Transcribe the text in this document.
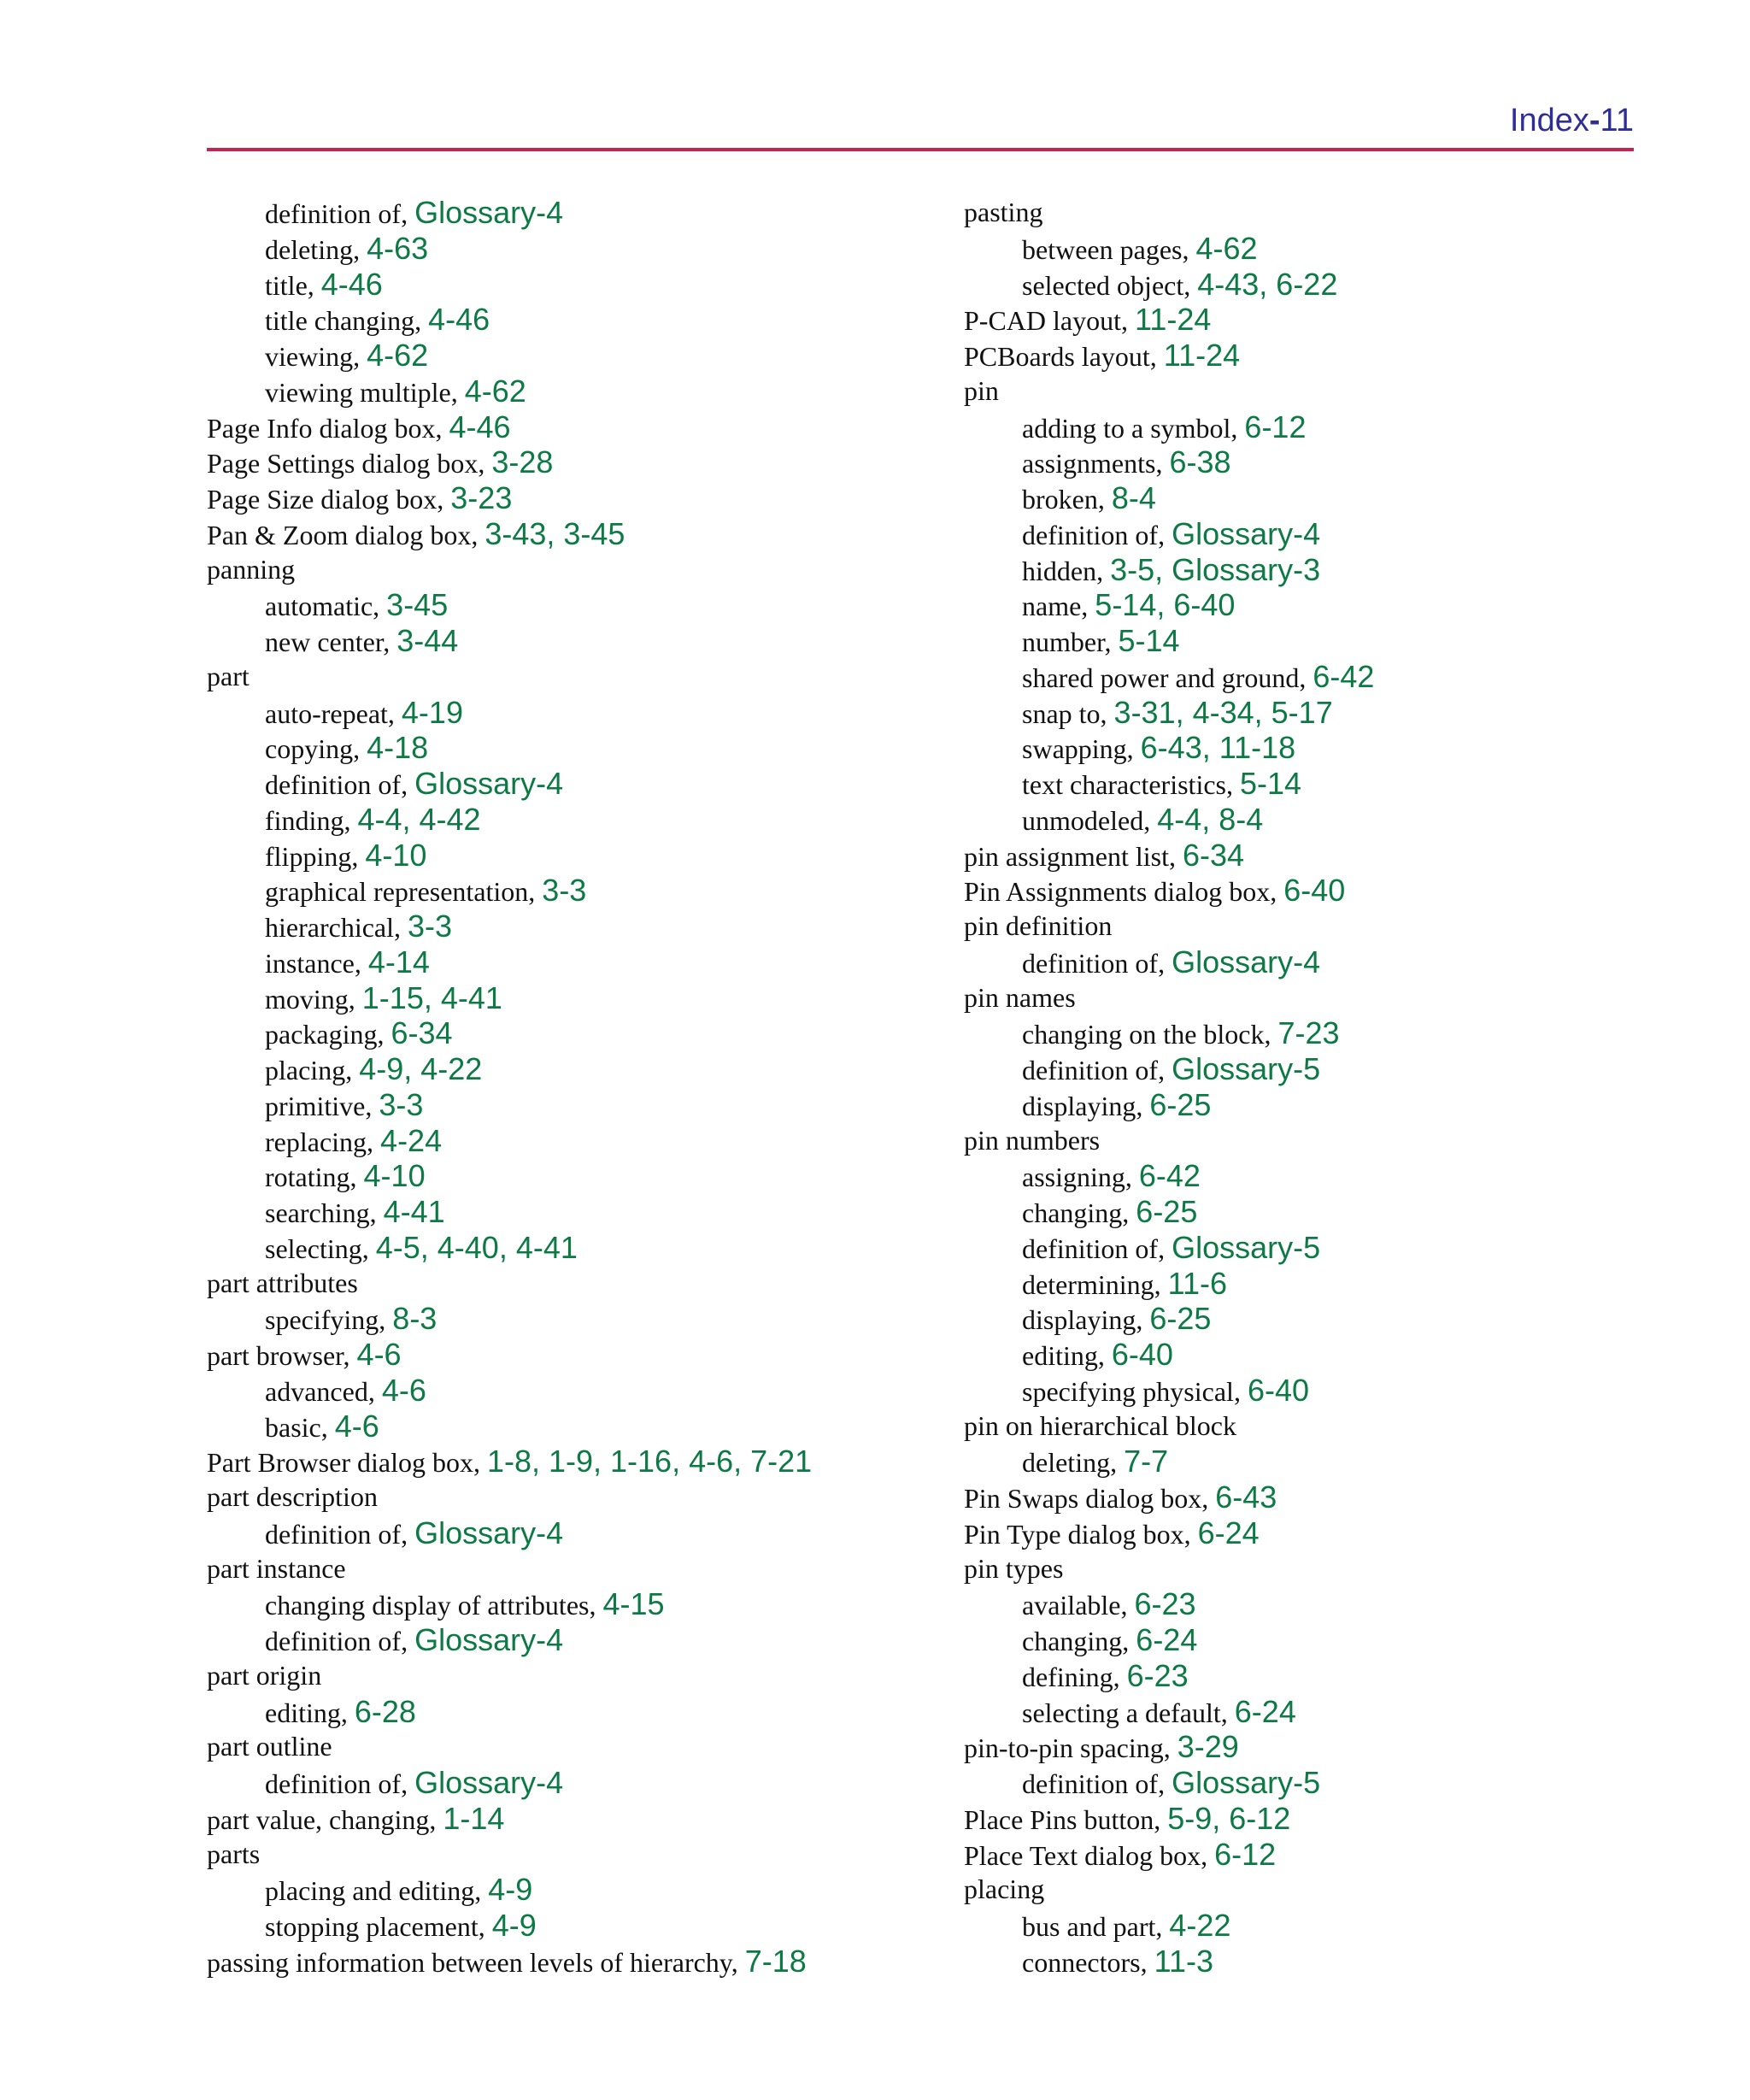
Index-11
definition of, Glossary-4
deleting, 4-63
title, 4-46
title changing, 4-46
viewing, 4-62
viewing multiple, 4-62
Page Info dialog box, 4-46
Page Settings dialog box, 3-28
Page Size dialog box, 3-23
Pan & Zoom dialog box, 3-43, 3-45
panning
automatic, 3-45
new center, 3-44
part
auto-repeat, 4-19
copying, 4-18
definition of, Glossary-4
finding, 4-4, 4-42
flipping, 4-10
graphical representation, 3-3
hierarchical, 3-3
instance, 4-14
moving, 1-15, 4-41
packaging, 6-34
placing, 4-9, 4-22
primitive, 3-3
replacing, 4-24
rotating, 4-10
searching, 4-41
selecting, 4-5, 4-40, 4-41
part attributes
specifying, 8-3
part browser, 4-6
advanced, 4-6
basic, 4-6
Part Browser dialog box, 1-8, 1-9, 1-16, 4-6, 7-21
part description
definition of, Glossary-4
part instance
changing display of attributes, 4-15
definition of, Glossary-4
part origin
editing, 6-28
part outline
definition of, Glossary-4
part value, changing, 1-14
parts
placing and editing, 4-9
stopping placement, 4-9
passing information between levels of hierarchy, 7-18
pasting
between pages, 4-62
selected object, 4-43, 6-22
P-CAD layout, 11-24
PCBoards layout, 11-24
pin
adding to a symbol, 6-12
assignments, 6-38
broken, 8-4
definition of, Glossary-4
hidden, 3-5, Glossary-3
name, 5-14, 6-40
number, 5-14
shared power and ground, 6-42
snap to, 3-31, 4-34, 5-17
swapping, 6-43, 11-18
text characteristics, 5-14
unmodeled, 4-4, 8-4
pin assignment list, 6-34
Pin Assignments dialog box, 6-40
pin definition
definition of, Glossary-4
pin names
changing on the block, 7-23
definition of, Glossary-5
displaying, 6-25
pin numbers
assigning, 6-42
changing, 6-25
definition of, Glossary-5
determining, 11-6
displaying, 6-25
editing, 6-40
specifying physical, 6-40
pin on hierarchical block
deleting, 7-7
Pin Swaps dialog box, 6-43
Pin Type dialog box, 6-24
pin types
available, 6-23
changing, 6-24
defining, 6-23
selecting a default, 6-24
pin-to-pin spacing, 3-29
definition of, Glossary-5
Place Pins button, 5-9, 6-12
Place Text dialog box, 6-12
placing
bus and part, 4-22
connectors, 11-3
